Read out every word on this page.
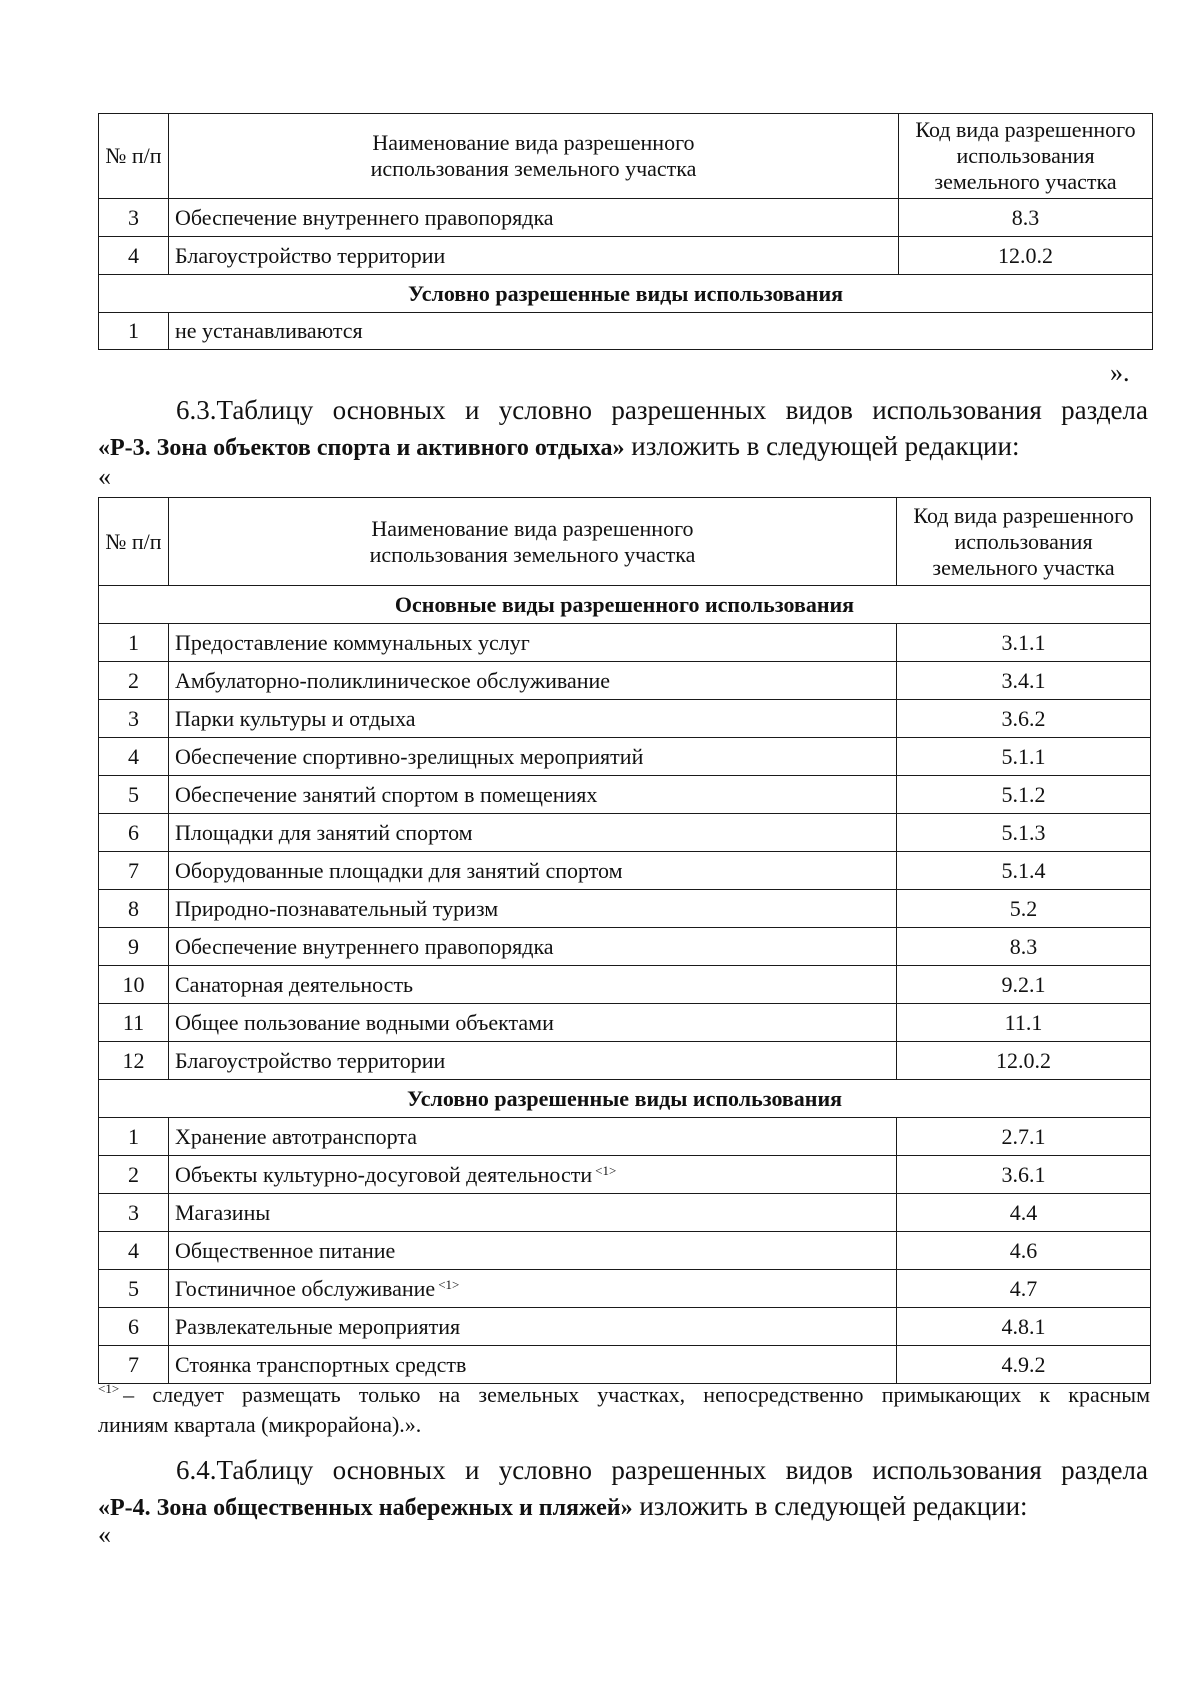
№ п/п	Наименование вида разрешенного использования земельного участка	Код вида разрешенного использования земельного участка
3	Обеспечение внутреннего правопорядка	8.3
4	Благоустройство территории	12.0.2
Условно разрешенные виды использования		
1	не устанавливаются	
».
6.3.Таблицу основных и условно разрешенных видов использования раздела
«Р-3. Зона объектов спорта и активного отдыха» изложить в следующей редакции:
«
№ п/п	Наименование вида разрешенного использования земельного участка	Код вида разрешенного использования земельного участка
Основные виды разрешенного использования		
1	Предоставление коммунальных услуг	3.1.1
2	Амбулаторно-поликлиническое обслуживание	3.4.1
3	Парки культуры и отдыха	3.6.2
4	Обеспечение спортивно-зрелищных мероприятий	5.1.1
5	Обеспечение занятий спортом в помещениях	5.1.2
6	Площадки для занятий спортом	5.1.3
7	Оборудованные площадки для занятий спортом	5.1.4
8	Природно-познавательный туризм	5.2
9	Обеспечение внутреннего правопорядка	8.3
10	Санаторная деятельность	9.2.1
11	Общее пользование водными объектами	11.1
12	Благоустройство территории	12.0.2
Условно разрешенные виды использования		
1	Хранение автотранспорта	2.7.1
2	Объекты культурно-досуговой деятельности $^{<1>}$	3.6.1
3	Магазины	4.4
4	Общественное питание	4.6
5	Гостиничное обслуживание $^{<1>}$	4.7
6	Развлекательные мероприятия	4.8.1
7	Стоянка транспортных средств	4.9.2
$^{<1>}$ – следует размещать только на земельных участках, непосредственно примыкающих к красным
линиям квартала (микрорайона).».
6.4.Таблицу основных и условно разрешенных видов использования раздела
«Р-4. Зона общественных набережных и пляжей» изложить в следующей редакции:
«
